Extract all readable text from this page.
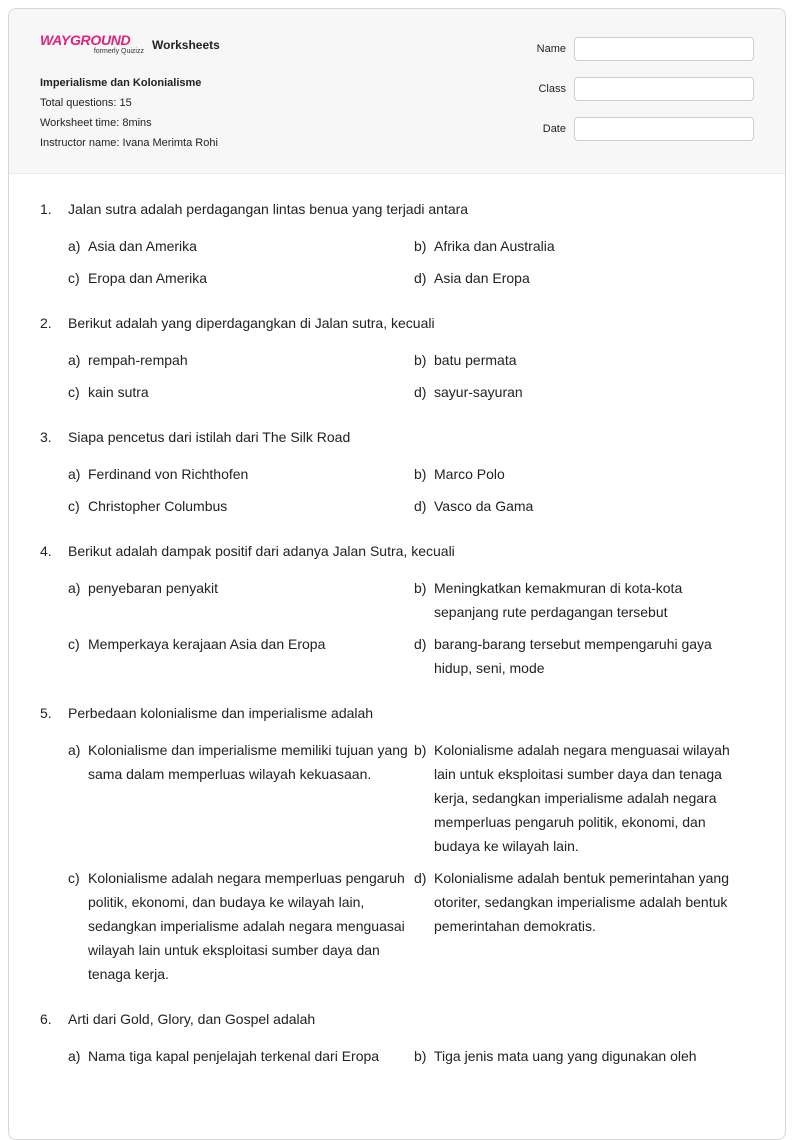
WAYGROUND
formerly Quizizz Worksheets
Imperialisme dan Kolonialisme
Total questions: 15
Worksheet time: 8mins
Instructor name: Ivana Merimta Rohi
Name
Class
Date
1.	Jalan sutra adalah perdagangan lintas benua yang terjadi antara
a) Asia dan Amerika	b) Afrika dan Australia
c) Eropa dan Amerika	d) Asia dan Eropa
2.	Berikut adalah yang diperdagangkan di Jalan sutra, kecuali
a) rempah-rempah	b) batu permata
c) kain sutra	d) sayur-sayuran
3.	Siapa pencetus dari istilah dari The Silk Road
a) Ferdinand von Richthofen	b) Marco Polo
c) Christopher Columbus	d) Vasco da Gama
4.	Berikut adalah dampak positif dari adanya Jalan Sutra, kecuali
a) penyebaran penyakit	b) Meningkatkan kemakmuran di kota-kota sepanjang rute perdagangan tersebut
c) Memperkaya kerajaan Asia dan Eropa	d) barang-barang tersebut mempengaruhi gaya hidup, seni, mode
5.	Perbedaan kolonialisme dan imperialisme adalah
a) Kolonialisme dan imperialisme memiliki tujuan yang sama dalam memperluas wilayah kekuasaan.
b) Kolonialisme adalah negara menguasai wilayah lain untuk eksploitasi sumber daya dan tenaga kerja, sedangkan imperialisme adalah negara memperluas pengaruh politik, ekonomi, dan budaya ke wilayah lain.
c) Kolonialisme adalah negara memperluas pengaruh politik, ekonomi, dan budaya ke wilayah lain, sedangkan imperialisme adalah negara menguasai wilayah lain untuk eksploitasi sumber daya dan tenaga kerja.
d) Kolonialisme adalah bentuk pemerintahan yang otoriter, sedangkan imperialisme adalah bentuk pemerintahan demokratis.
6.	Arti dari Gold, Glory, dan Gospel adalah
a) Nama tiga kapal penjelajah terkenal dari Eropa b) Tiga jenis mata uang yang digunakan oleh
